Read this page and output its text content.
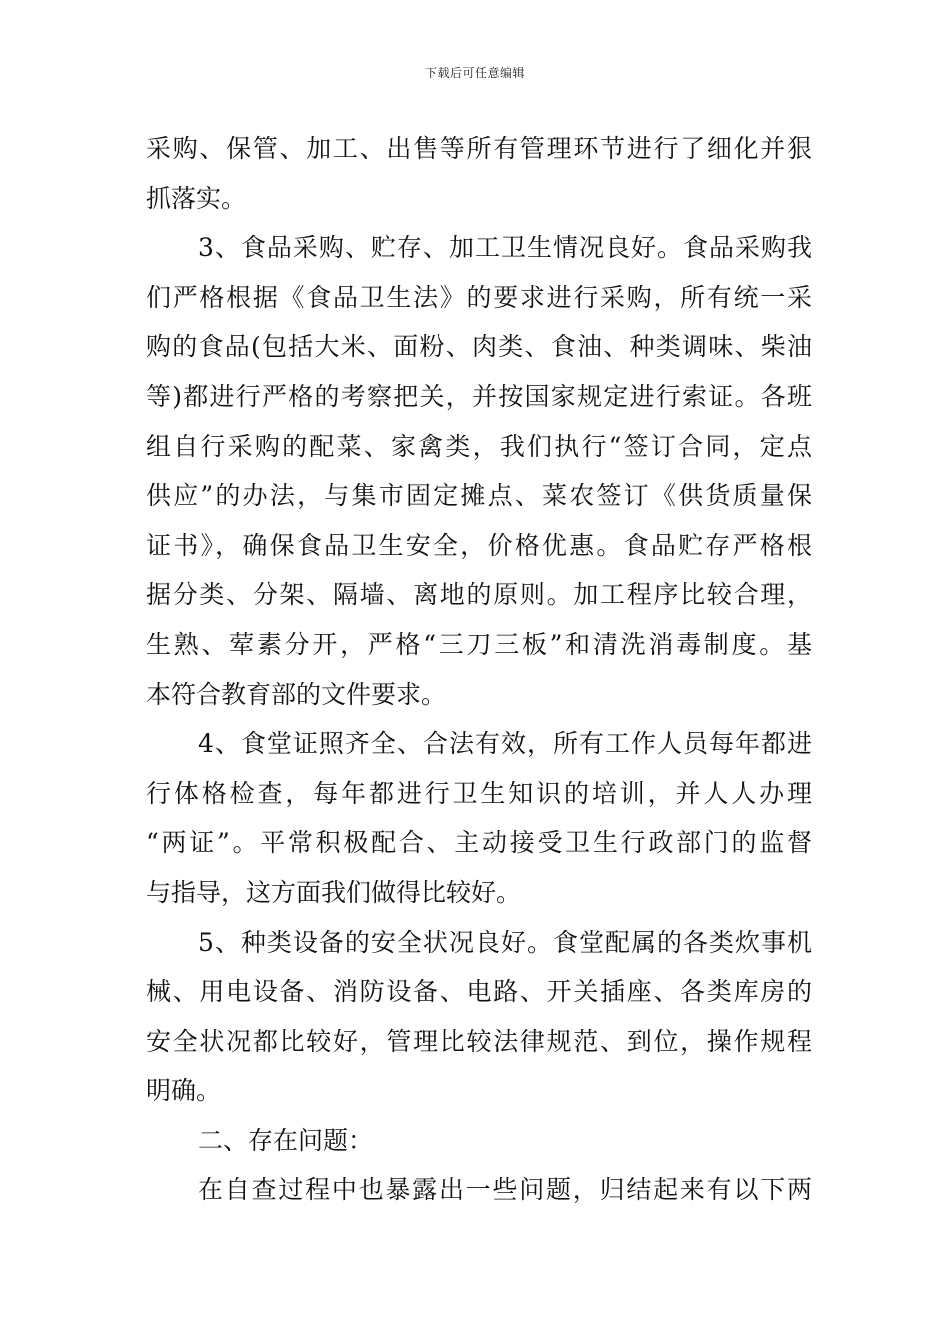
下载后可任意编辑
采购、保管、加工、出售等所有管理环节进行了细化并狠
抓落实。
3、食品采购、贮存、加工卫生情况良好。食品采购我
们严格根据《食品卫生法》的要求进行采购，所有统一采
购的食品(包括大米、面粉、肉类、食油、种类调味、柴油
等)都进行严格的考察把关，并按国家规定进行索证。各班
组自行采购的配菜、家禽类，我们执行“签订合同，定点
供应”的办法，与集市固定摊点、菜农签订《供货质量保
证书》，确保食品卫生安全，价格优惠。食品贮存严格根
据分类、分架、隔墙、离地的原则。加工程序比较合理，
生熟、荤素分开，严格“三刀三板”和清洗消毒制度。基
本符合教育部的文件要求。
4、食堂证照齐全、合法有效，所有工作人员每年都进
行体格检查，每年都进行卫生知识的培训，并人人办理
“两证”。平常积极配合、主动接受卫生行政部门的监督
与指导，这方面我们做得比较好。
5、种类设备的安全状况良好。食堂配属的各类炊事机
械、用电设备、消防设备、电路、开关插座、各类库房的
安全状况都比较好，管理比较法律规范、到位，操作规程
明确。
二、存在问题：
在自查过程中也暴露出一些问题，归结起来有以下两
